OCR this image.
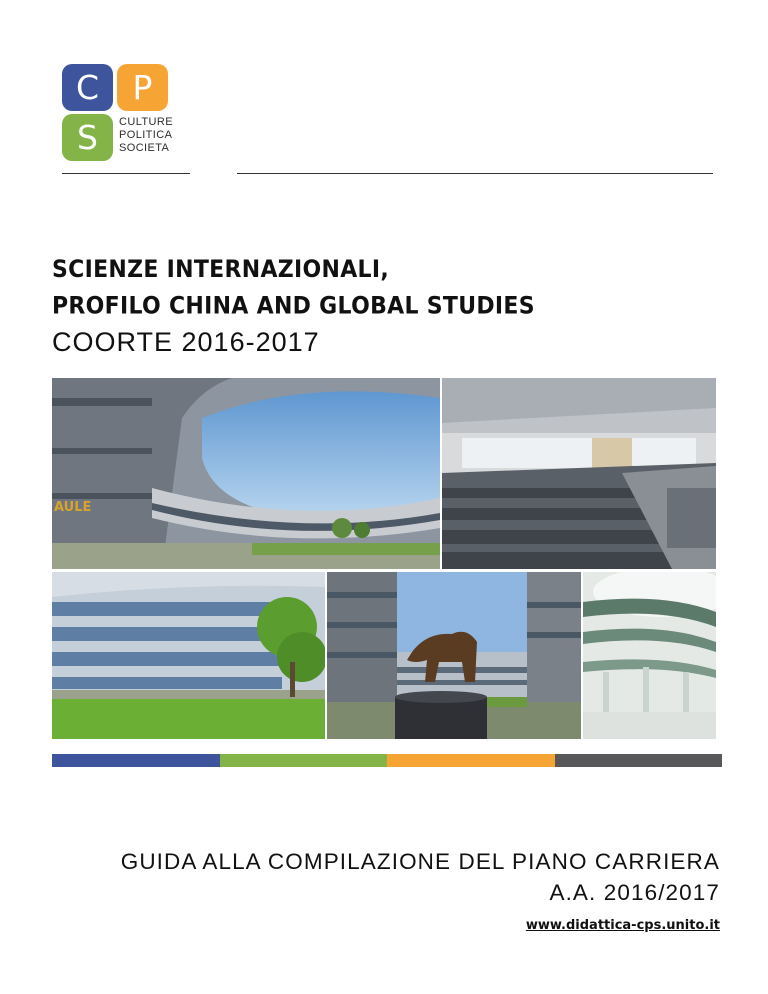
C P
S CULTURE
POLITICA
SOCIETA
SCIENZE INTERNAZIONALI,
PROFILO CHINA AND GLOBAL STUDIES
COORTE 2016-2017
AULE
GUIDA ALLA COMPILAZIONE DEL PIANO CARRIERA
A.A. 2016/2017
www.didattica-cps.unito.it
